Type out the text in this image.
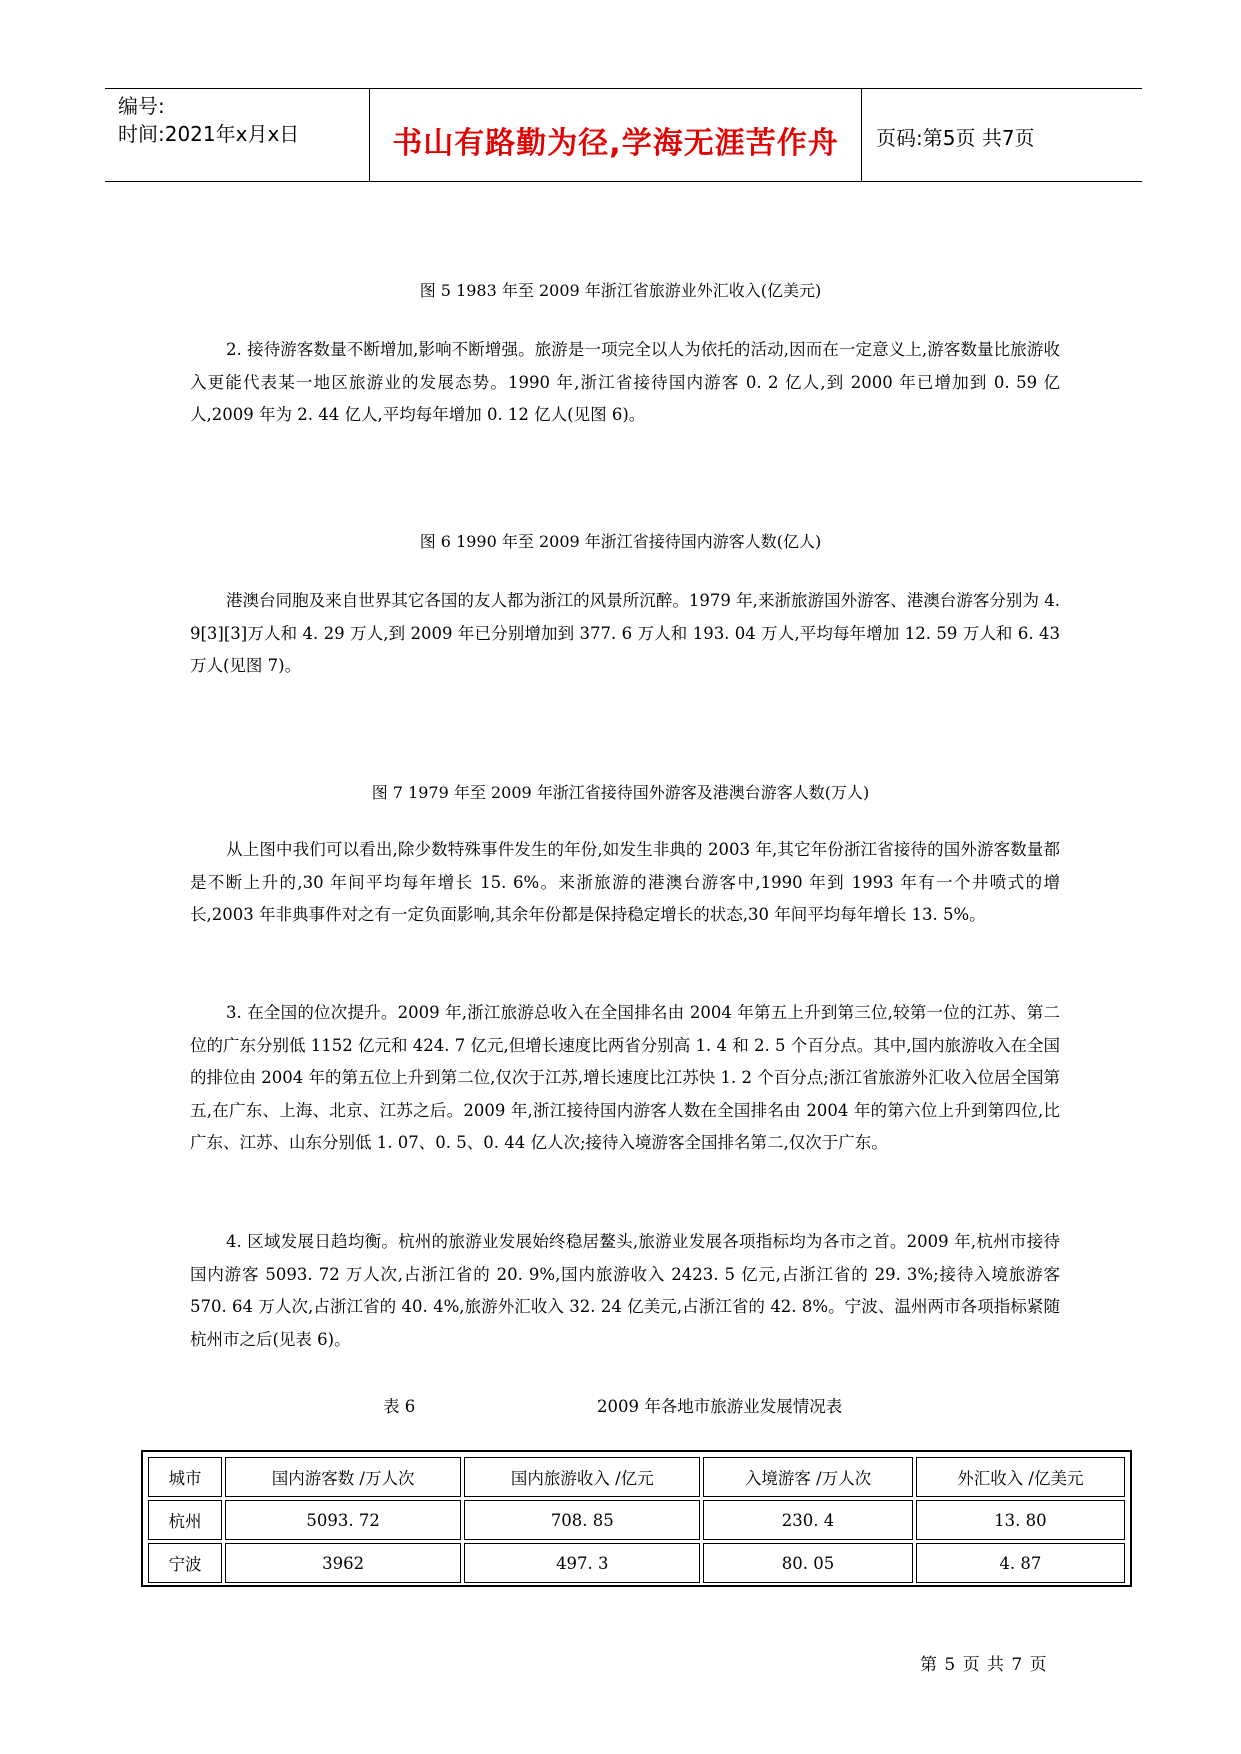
编号:
时间:2021年x月x日	书山有路勤为径,学海无涯苦作舟	页码:第5页 共7页
图 5 1983 年至 2009 年浙江省旅游业外汇收入(亿美元)
2. 接待游客数量不断增加,影响不断增强。旅游是一项完全以人为依托的活动,因而在一定意义上,游客数量比旅游收入更能代表某一地区旅游业的发展态势。1990 年,浙江省接待国内游客 0. 2 亿人,到 2000 年已增加到 0. 59 亿人,2009 年为 2. 44 亿人,平均每年增加 0. 12 亿人(见图 6)。
图 6 1990 年至 2009 年浙江省接待国内游客人数(亿人)
港澳台同胞及来自世界其它各国的友人都为浙江的风景所沉醉。1979 年,来浙旅游国外游客、港澳台游客分别为 4. 9[3][3]万人和 4. 29 万人,到 2009 年已分别增加到 377. 6 万人和 193. 04 万人,平均每年增加 12. 59 万人和 6. 43 万人(见图 7)。
图 7 1979 年至 2009 年浙江省接待国外游客及港澳台游客人数(万人)
从上图中我们可以看出,除少数特殊事件发生的年份,如发生非典的 2003 年,其它年份浙江省接待的国外游客数量都是不断上升的,30 年间平均每年增长 15. 6%。来浙旅游的港澳台游客中,1990 年到 1993 年有一个井喷式的增长,2003 年非典事件对之有一定负面影响,其余年份都是保持稳定增长的状态,30 年间平均每年增长 13. 5%。
3. 在全国的位次提升。2009 年,浙江旅游总收入在全国排名由 2004 年第五上升到第三位,较第一位的江苏、第二位的广东分别低 1152 亿元和 424. 7 亿元,但增长速度比两省分别高 1. 4 和 2. 5 个百分点。其中,国内旅游收入在全国的排位由 2004 年的第五位上升到第二位,仅次于江苏,增长速度比江苏快 1. 2 个百分点;浙江省旅游外汇收入位居全国第五,在广东、上海、北京、江苏之后。2009 年,浙江接待国内游客人数在全国排名由 2004 年的第六位上升到第四位,比广东、江苏、山东分别低 1. 07、0. 5、0. 44 亿人次;接待入境游客全国排名第二,仅次于广东。
4. 区域发展日趋均衡。杭州的旅游业发展始终稳居鳌头,旅游业发展各项指标均为各市之首。2009 年,杭州市接待国内游客 5093. 72 万人次,占浙江省的 20. 9%,国内旅游收入 2423. 5 亿元,占浙江省的 29. 3%;接待入境旅游客 570. 64 万人次,占浙江省的 40. 4%,旅游外汇收入 32. 24 亿美元,占浙江省的 42. 8%。宁波、温州两市各项指标紧随杭州市之后(见表 6)。
表 6	2009 年各地市旅游业发展情况表
城市	国内游客数 /万人次	国内旅游收入 /亿元	入境游客 /万人次	外汇收入 /亿美元
杭州	5093. 72	708. 85	230. 4	13. 80
宁波	3962	497. 3	80. 05	4. 87
第 5 页 共 7 页
